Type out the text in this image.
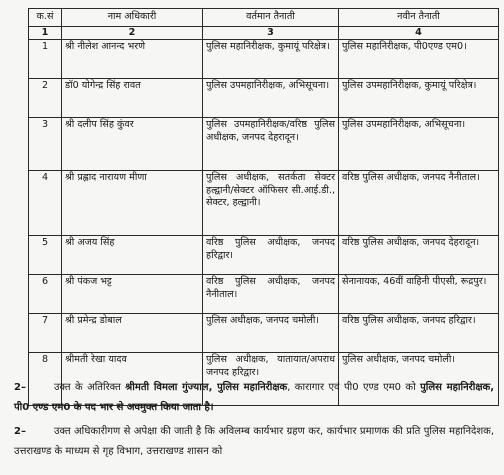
क.सं	नाम अधिकारी	वर्तमान तैनाती	नवीन तैनाती
1	2	3	4
1	श्री नीलेश आनन्द भरणे	पुलिस महानिरीक्षक, कुमायूं परिक्षेत्र।	पुलिस महानिरीक्षक, पी0एण्ड एम0।
2	डॉ0 योगेन्द्र सिंह रावत	पुलिस उपमहानिरीक्षक, अभिसूचना।	पुलिस उपमहानिरीक्षक, कुमायूं परिक्षेत्र।
3	श्री दलीप सिंह कुंवर	पुलिस उपमहानिरीक्षक/वरिष्ठ पुलिस अधीक्षक, जनपद देहरादून।	पुलिस उपमहानिरीक्षक, अभिसूचना।
4	श्री प्रह्लाद नारायण मीणा	पुलिस अधीक्षक, सतर्कता सेक्टर हल्द्वानी/सेक्टर ऑफिसर सी.आई.डी., सेक्टर, हल्द्वानी।	वरिष्ठ पुलिस अधीक्षक, जनपद नैनीताल।
5	श्री अजय सिंह	वरिष्ठ पुलिस अधीक्षक, जनपद हरिद्वार।	वरिष्ठ पुलिस अधीक्षक, जनपद देहरादून।
6	श्री पंकज भट्ट	वरिष्ठ पुलिस अधीक्षक, जनपद नैनीताल।	सेनानायक, 46वीं वाहिनी पीएसी, रूद्रपुर।
7	श्री प्रमेन्द्र डोबाल	पुलिस अधीक्षक, जनपद चमोली।	वरिष्ठ पुलिस अधीक्षक, जनपद हरिद्वार।
8	श्रीमती रेखा यादव	पुलिस अधीक्षक, यातायात/अपराध जनपद हरिद्वार।	पुलिस अधीक्षक, जनपद चमोली।
2–	उक्त के अतिरिक्त श्रीमती विमला गुंज्याल, पुलिस महानिरीक्षक, कारागार एवं पी0 एण्ड एम0 को पुलिस महानिरीक्षक, पी0 एण्ड एम0 के पद भार से अवमुक्त किया जाता है।
2–	उक्त अधिकारीगण से अपेक्षा की जाती है कि अविलम्ब कार्यभार ग्रहण कर, कार्यभार प्रमाणक की प्रति पुलिस महानिदेशक, उत्तराखण्ड के माध्यम से गृह विभाग, उत्तराखण्ड शासन को
